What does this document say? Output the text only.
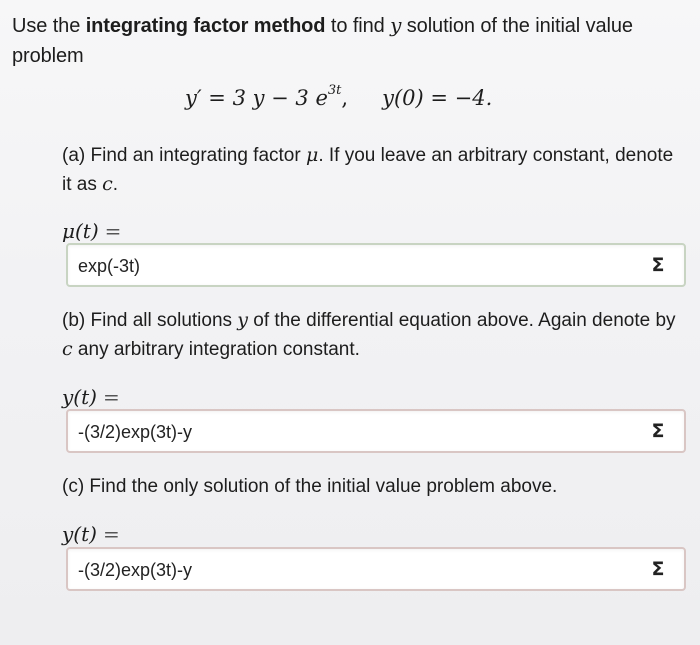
Use the integrating factor method to find y solution of the initial value problem
y′ = 3 y − 3 $e^{3t}$, y(0) = −4.
(a) Find an integrating factor μ. If you leave an arbitrary constant, denote it as c.
μ(t) =
exp(-3t)	Σ
(b) Find all solutions y of the differential equation above. Again denote by c any arbitrary integration constant.
y(t) =
-(3/2)exp(3t)-y	Σ
(c) Find the only solution of the initial value problem above.
y(t) =
-(3/2)exp(3t)-y	Σ
